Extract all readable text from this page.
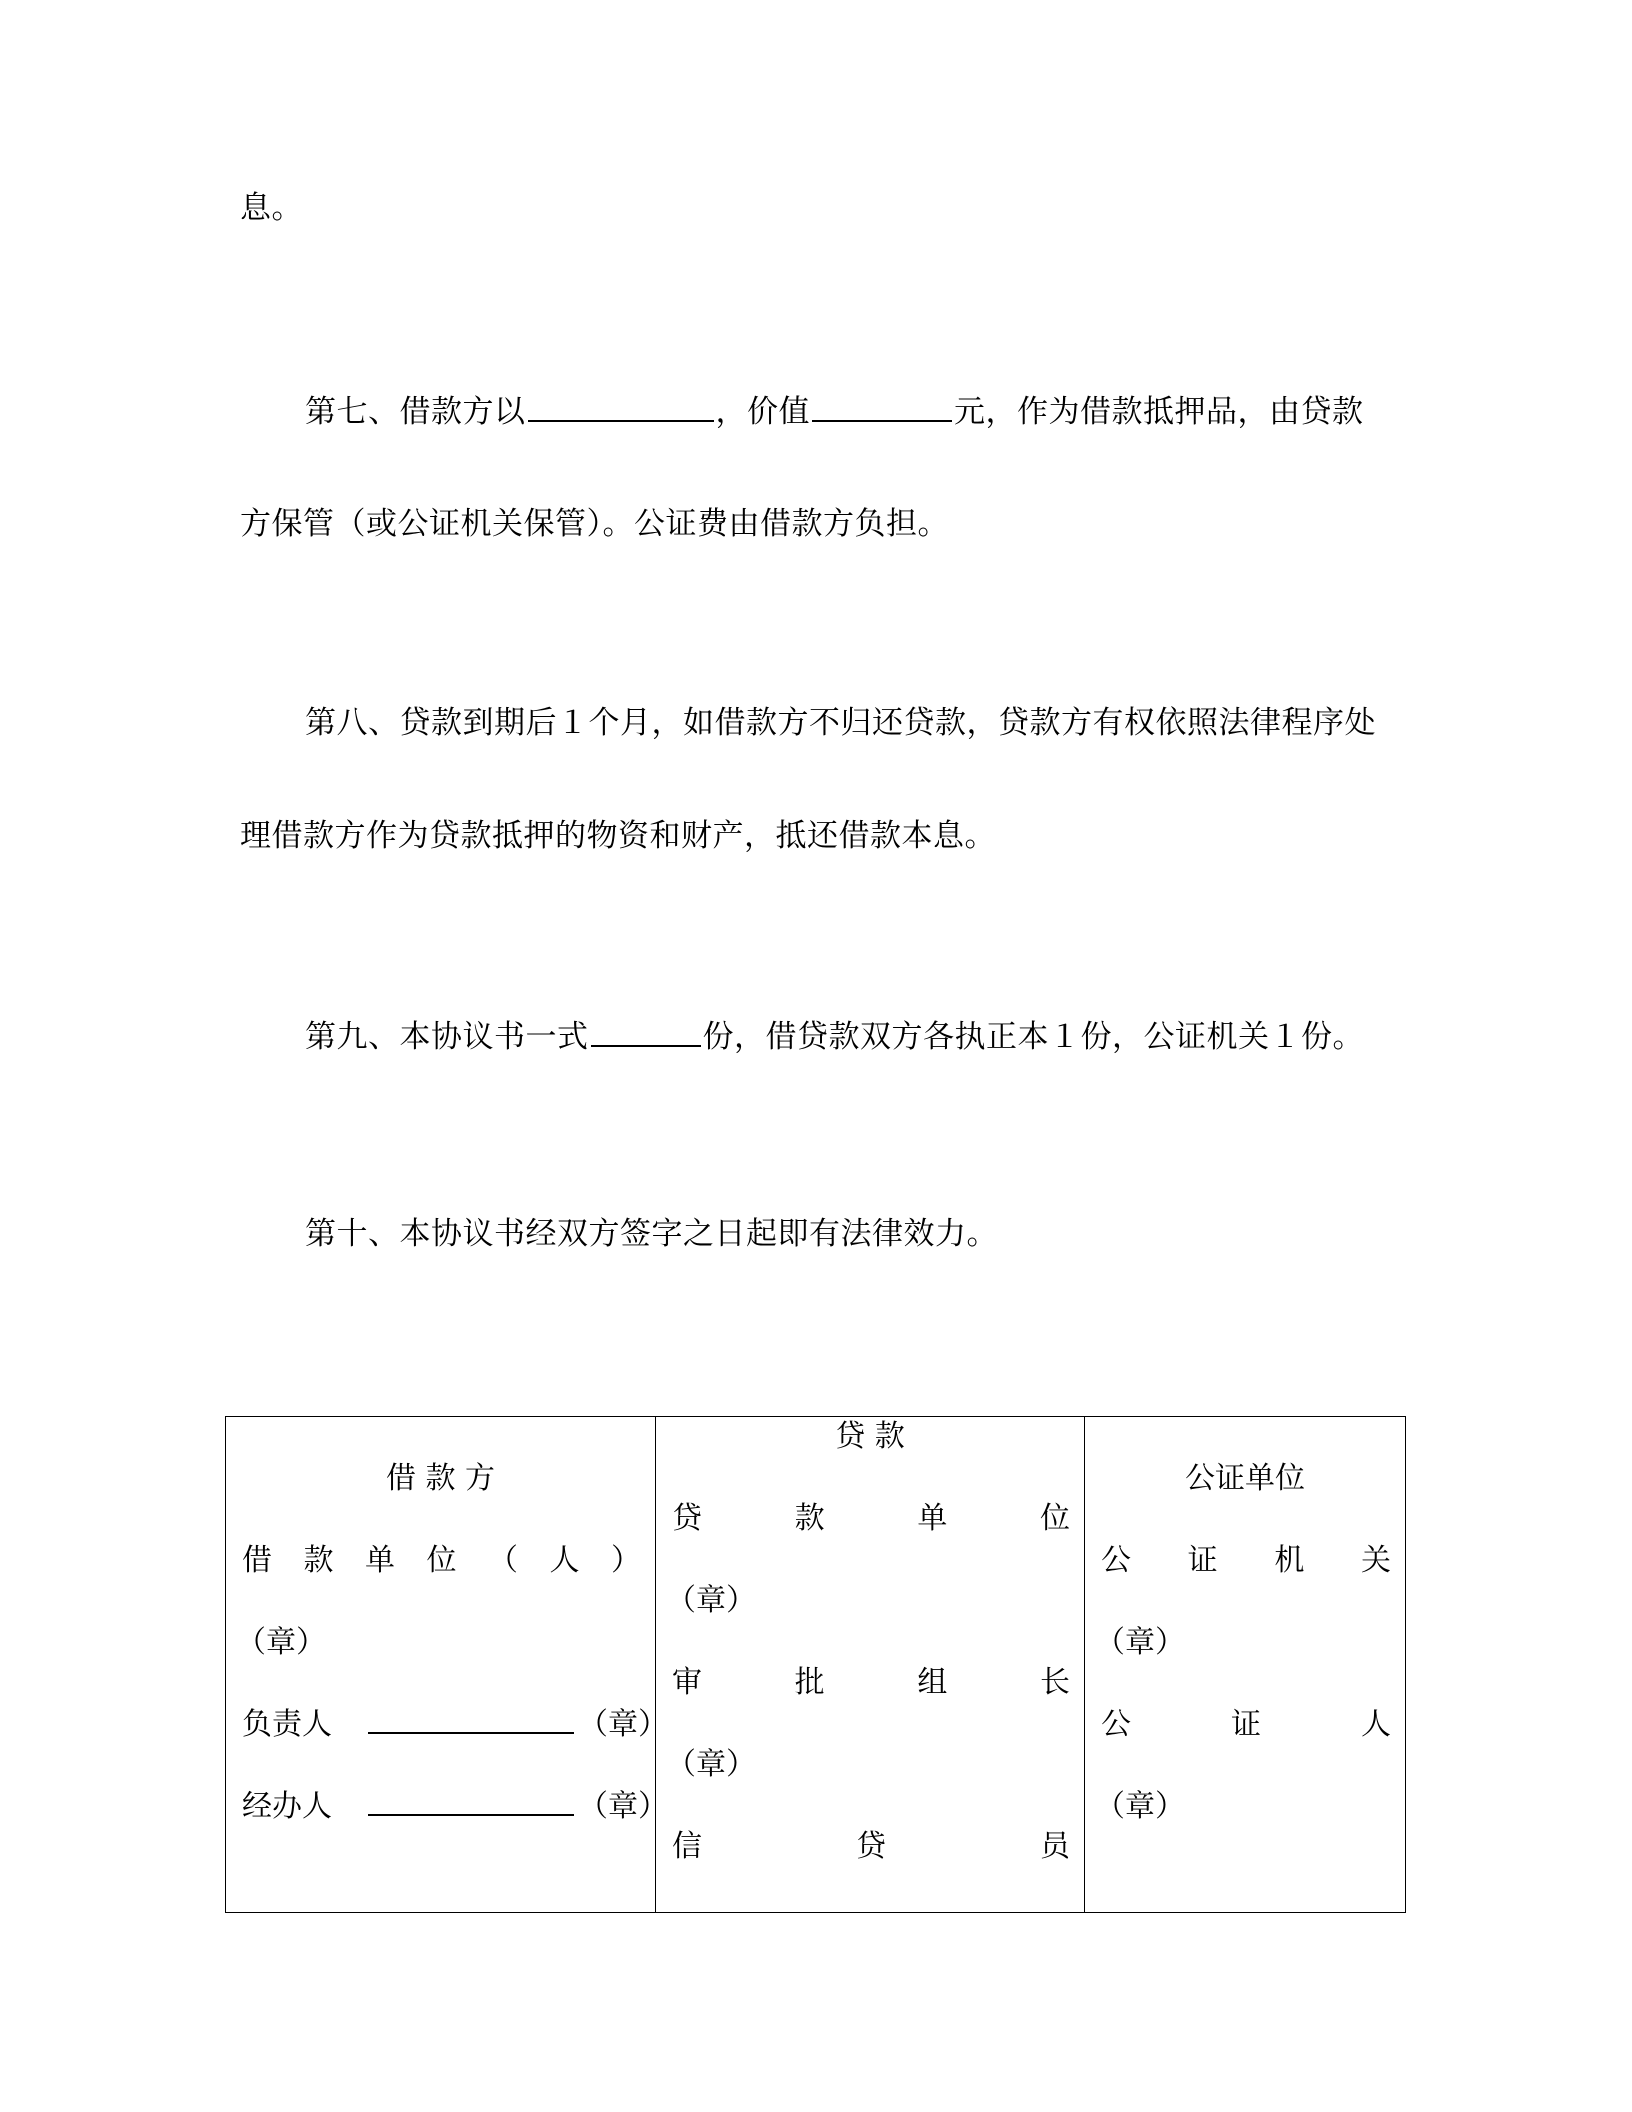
息。
第七、借款方以	，价值	元，作为借款抵押品，由贷款
方保管（或公证机关保管）。公证费由借款方负担。
第八、贷款到期后１个月，如借款方不归还贷款，贷款方有权依照法律程序处
理借款方作为贷款抵押的物资和财产，抵还借款本息。
第九、本协议书一式	份，借贷款双方各执正本１份，公证机关１份。
第十、本协议书经双方签字之日起即有法律效力。
借 款 方
借 款 单 位 （ 人 ）
（章）
负责人	（章）
经办人	（章）
贷 款
贷	款	单	位
（章）
审	批	组	长
（章）
信	贷	员
公证单位
公 证 机 关
（章）
公	证	人
（章）
